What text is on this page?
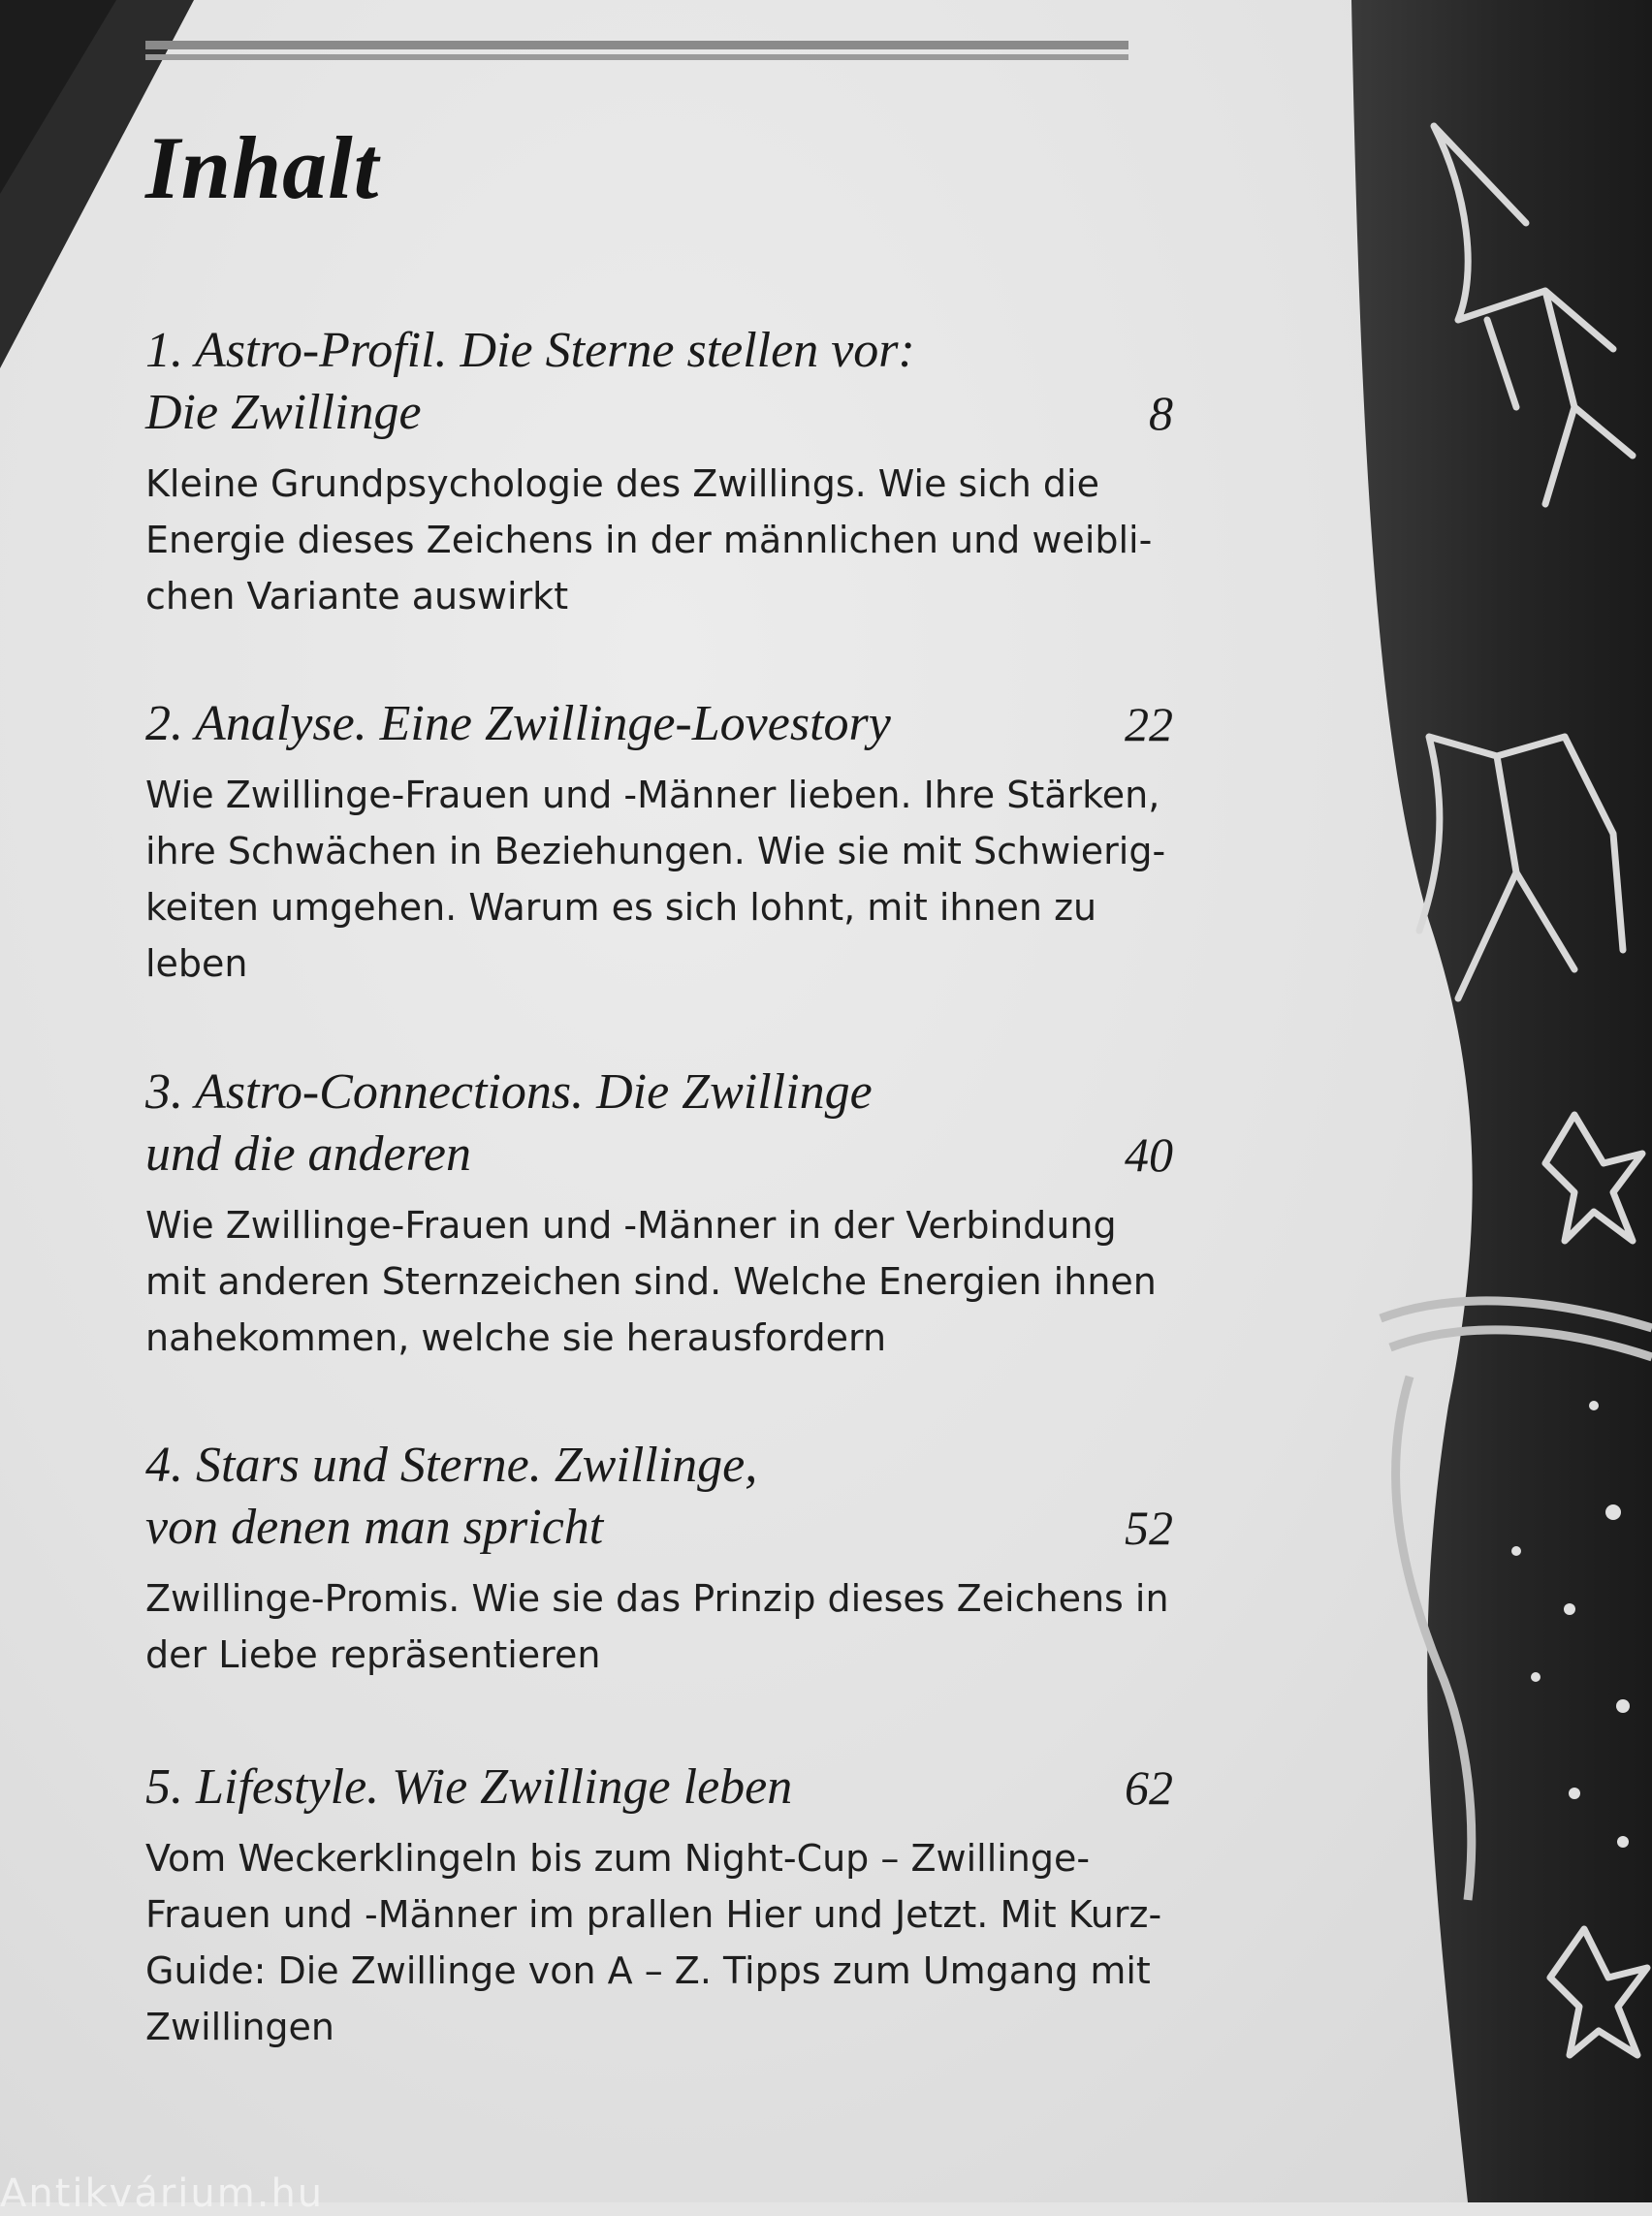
Inhalt
1. Astro-Profil. Die Sterne stellen vor:
Die Zwillinge	8
Kleine Grundpsychologie des Zwillings. Wie sich die
Energie dieses Zeichens in der männlichen und weibli-
chen Variante auswirkt
2. Analyse. Eine Zwillinge-Lovestory	22
Wie Zwillinge-Frauen und -Männer lieben. Ihre Stärken,
ihre Schwächen in Beziehungen. Wie sie mit Schwierig-
keiten umgehen. Warum es sich lohnt, mit ihnen zu
leben
3. Astro-Connections. Die Zwillinge
und die anderen	40
Wie Zwillinge-Frauen und -Männer in der Verbindung
mit anderen Sternzeichen sind. Welche Energien ihnen
nahekommen, welche sie herausfordern
4. Stars und Sterne. Zwillinge,
von denen man spricht	52
Zwillinge-Promis. Wie sie das Prinzip dieses Zeichens in
der Liebe repräsentieren
5. Lifestyle. Wie Zwillinge leben	62
Vom Weckerklingeln bis zum Night-Cup – Zwillinge-
Frauen und -Männer im prallen Hier und Jetzt. Mit Kurz-
Guide: Die Zwillinge von A – Z. Tipps zum Umgang mit
Zwillingen
Antikvárium.hu
